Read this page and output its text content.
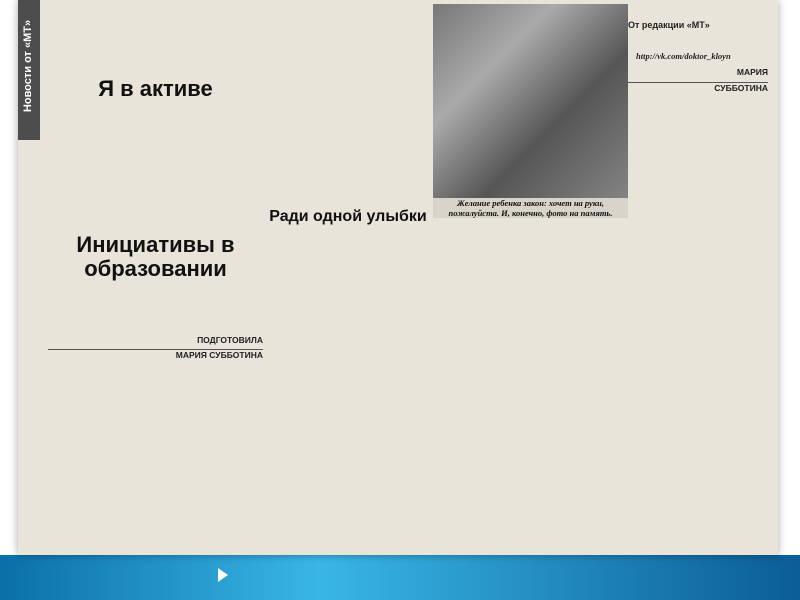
Новости от «МТ»	Я в активе
Инициативы в образовании
ПОДГОТОВИЛА
МАРИЯ СУББОТИНА
Ради одной улыбки
Желание ребенка закон: хочет на руки, пожалуйста. И, конечно, фото на память.
От редакции «МТ»
http://vk.com/doktor_kloyn
МАРИЯ
СУББОТИНА
